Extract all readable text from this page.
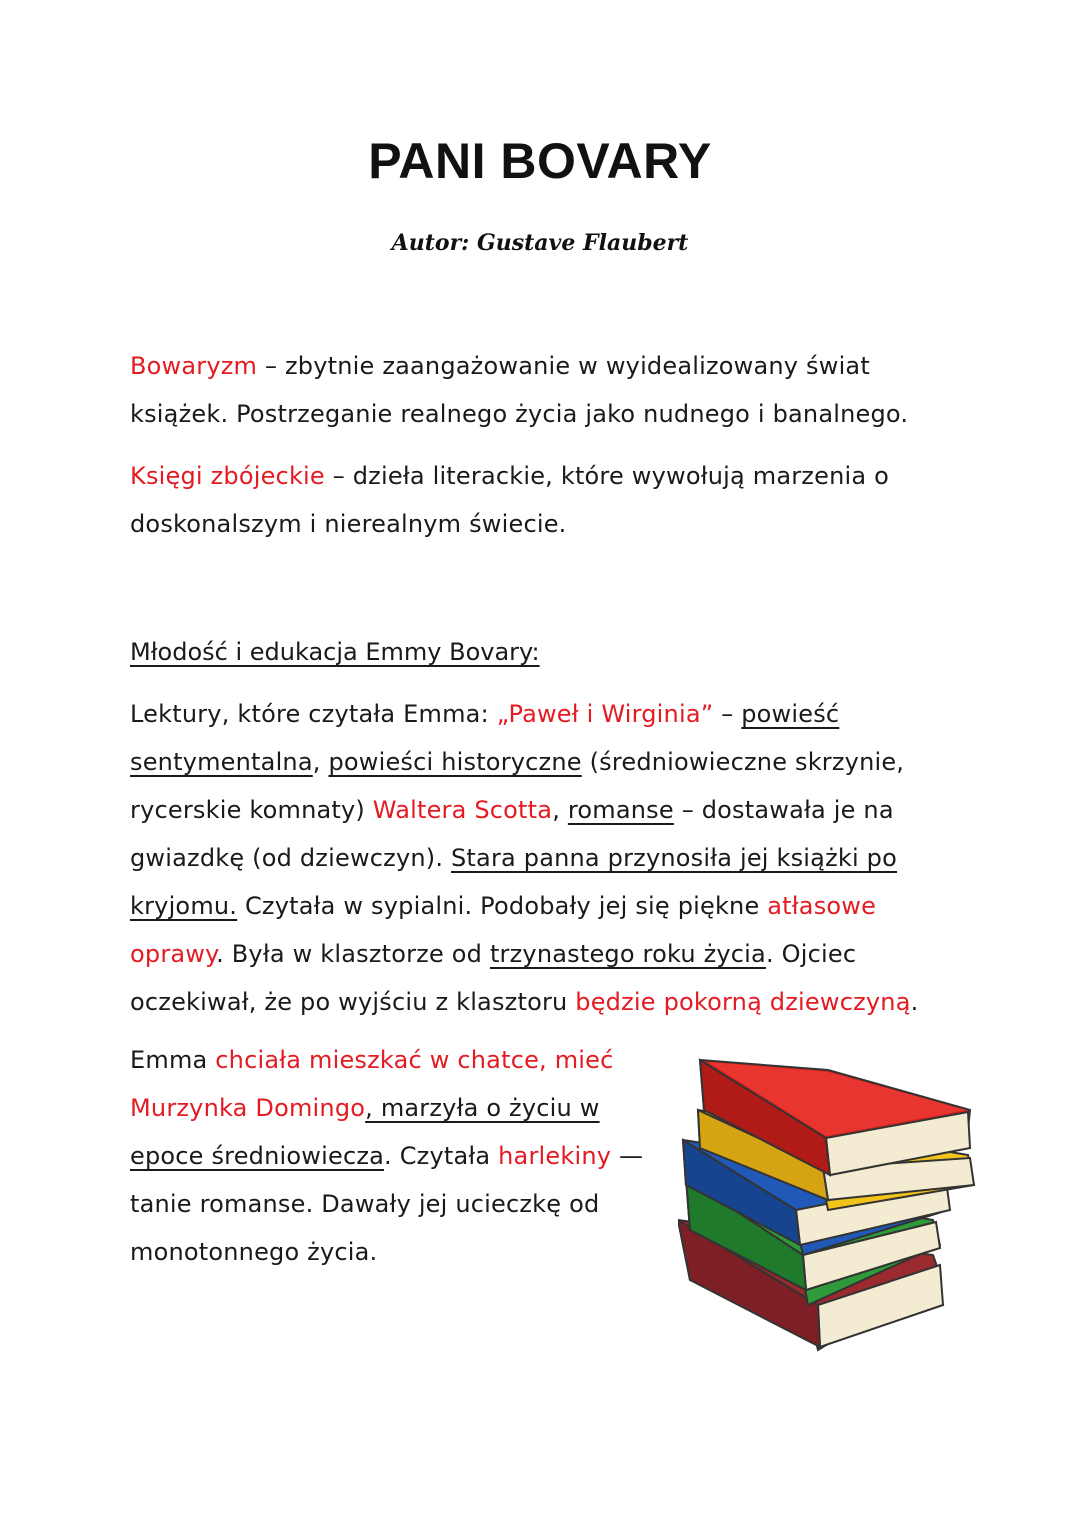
PANI BOVARY
Autor: Gustave Flaubert
Bowaryzm – zbytnie zaangażowanie w wyidealizowany świat książek. Postrzeganie realnego życia jako nudnego i banalnego.
Księgi zbójeckie – dzieła literackie, które wywołują marzenia o doskonalszym i nierealnym świecie.
Młodość i edukacja Emmy Bovary:
Lektury, które czytała Emma: „Paweł i Wirginia” – powieść sentymentalna, powieści historyczne (średniowieczne skrzynie, rycerskie komnaty) Waltera Scotta, romanse – dostawała je na gwiazdkę (od dziewczyn). Stara panna przynosiła jej książki po kryjomu. Czytała w sypialni. Podobały jej się piękne atłasowe oprawy. Była w klasztorze od trzynastego roku życia. Ojciec oczekiwał, że po wyjściu z klasztoru będzie pokorną dziewczyną.
Emma chciała mieszkać w chatce, mieć Murzynka Domingo, marzyła o życiu w epoce średniowiecza. Czytała harlekiny — tanie romanse. Dawały jej ucieczkę od monotonnego życia.
